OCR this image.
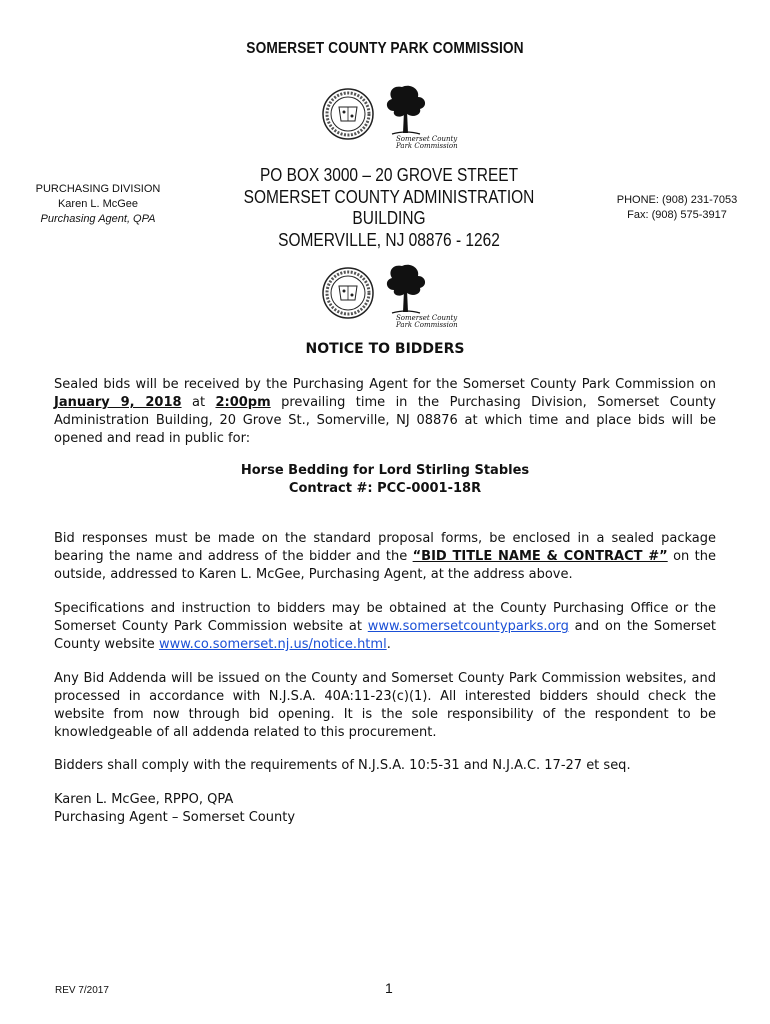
SOMERSET COUNTY PARK COMMISSION
Somerset County
Park Commission
PURCHASING DIVISION
Karen L. McGee
Purchasing Agent, QPA
PO BOX 3000 – 20 GROVE STREET
SOMERSET COUNTY ADMINISTRATION BUILDING
SOMERVILLE, NJ 08876 - 1262
PHONE: (908) 231-7053
Fax: (908) 575-3917
Somerset County
Park Commission
NOTICE TO BIDDERS
Sealed bids will be received by the Purchasing Agent for the Somerset County Park Commission on January 9, 2018 at 2:00pm prevailing time in the Purchasing Division, Somerset County Administration Building, 20 Grove St., Somerville, NJ 08876 at which time and place bids will be opened and read in public for:
Horse Bedding for Lord Stirling Stables
Contract #: PCC-0001-18R
Bid responses must be made on the standard proposal forms, be enclosed in a sealed package bearing the name and address of the bidder and the “BID TITLE NAME & CONTRACT #” on the outside, addressed to Karen L. McGee, Purchasing Agent, at the address above.
Specifications and instruction to bidders may be obtained at the County Purchasing Office or the Somerset County Park Commission website at www.somersetcountyparks.org and on the Somerset County website www.co.somerset.nj.us/notice.html.
Any Bid Addenda will be issued on the County and Somerset County Park Commission websites, and processed in accordance with N.J.S.A. 40A:11-23(c)(1). All interested bidders should check the website from now through bid opening. It is the sole responsibility of the respondent to be knowledgeable of all addenda related to this procurement.
Bidders shall comply with the requirements of N.J.S.A. 10:5-31 and N.J.A.C. 17-27 et seq.
Karen L. McGee, RPPO, QPA
Purchasing Agent – Somerset County
REV 7/2017	1
